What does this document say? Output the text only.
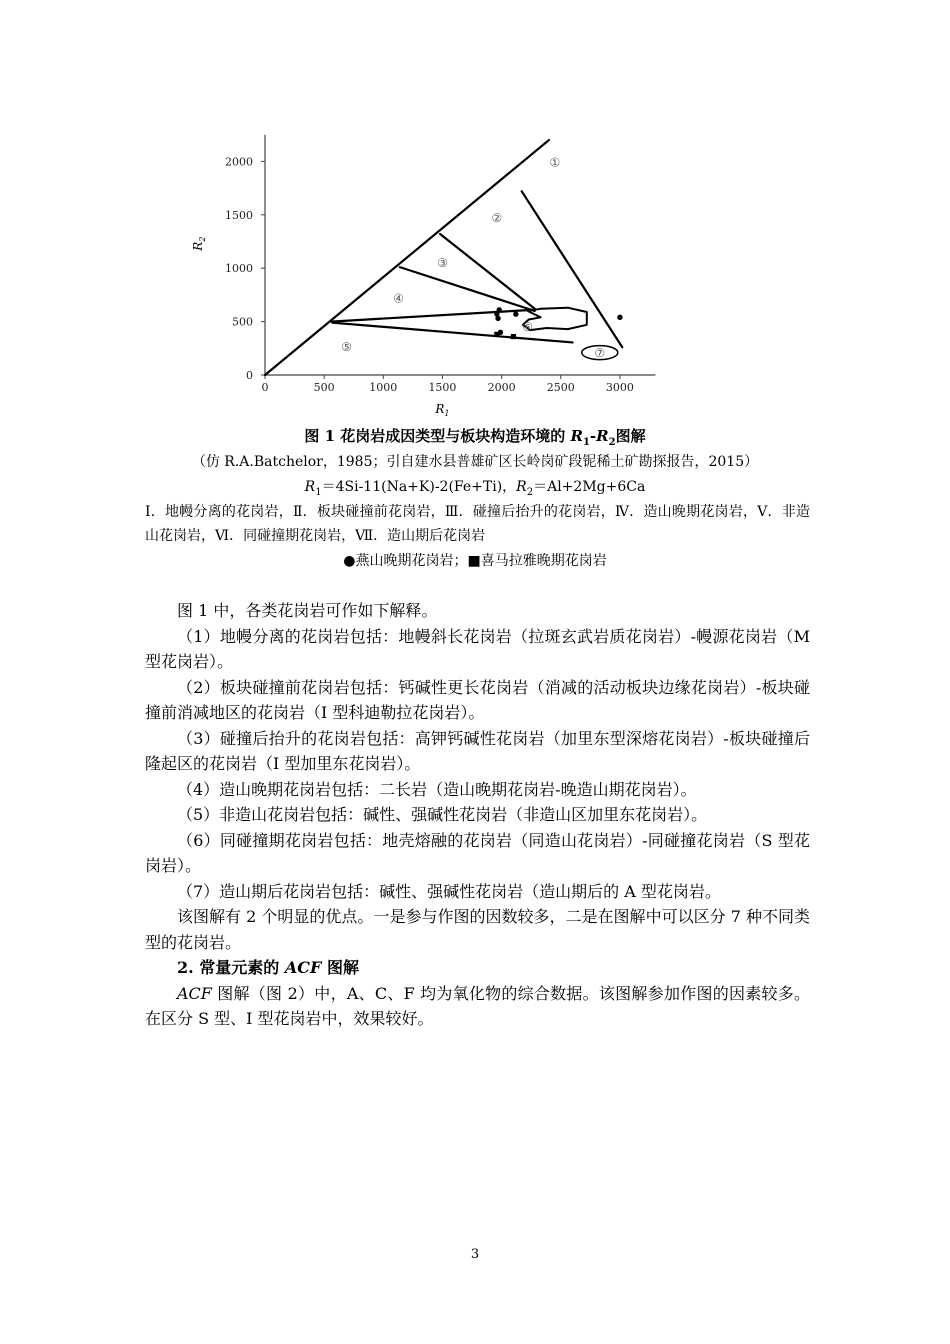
0	500	1000	1500	2000	2500	3000
0
500
1000
1500
2000
$R_1$
$R_2$
①
②
③
④
⑤
⑥
⑦
图 1 花岗岩成因类型与板块构造环境的 $R_1-R_2$图解
（仿 R.A.Batchelor，1985；引自建水县普雄矿区长岭岗矿段铌稀土矿勘探报告，2015）
$R_1=4Si-11(Na+K)-2(Fe+Ti)$，$R_2=Al+2Mg+6Ca$
Ⅰ．地幔分离的花岗岩，Ⅱ．板块碰撞前花岗岩，Ⅲ．碰撞后抬升的花岗岩，Ⅳ．造山晚期花岗岩，Ⅴ．非造山花岗岩，Ⅵ．同碰撞期花岗岩，Ⅶ．造山期后花岗岩
●燕山晚期花岗岩；■喜马拉雅晚期花岗岩

图 1 中，各类花岗岩可作如下解释。

（1）地幔分离的花岗岩包括：地幔斜长花岗岩（拉斑玄武岩质花岗岩）-幔源花岗岩（M 型花岗岩）。

（2）板块碰撞前花岗岩包括：钙碱性更长花岗岩（消减的活动板块边缘花岗岩）-板块碰撞前消减地区的花岗岩（I 型科迪勒拉花岗岩）。

（3）碰撞后抬升的花岗岩包括：高钾钙碱性花岗岩（加里东型深熔花岗岩）-板块碰撞后隆起区的花岗岩（I 型加里东花岗岩）。

（4）造山晚期花岗岩包括：二长岩（造山晚期花岗岩-晚造山期花岗岩）。

（5）非造山花岗岩包括：碱性、强碱性花岗岩（非造山区加里东花岗岩）。

（6）同碰撞期花岗岩包括：地壳熔融的花岗岩（同造山花岗岩）-同碰撞花岗岩（S 型花岗岩）。

（7）造山期后花岗岩包括：碱性、强碱性花岗岩（造山期后的 A 型花岗岩。

该图解有 2 个明显的优点。一是参与作图的因数较多，二是在图解中可以区分 7 种不同类型的花岗岩。

2. 常量元素的 ACF 图解

ACF 图解（图 2）中，A、C、F 均为氧化物的综合数据。该图解参加作图的因素较多。在区分 S 型、I 型花岗岩中，效果较好。

3
